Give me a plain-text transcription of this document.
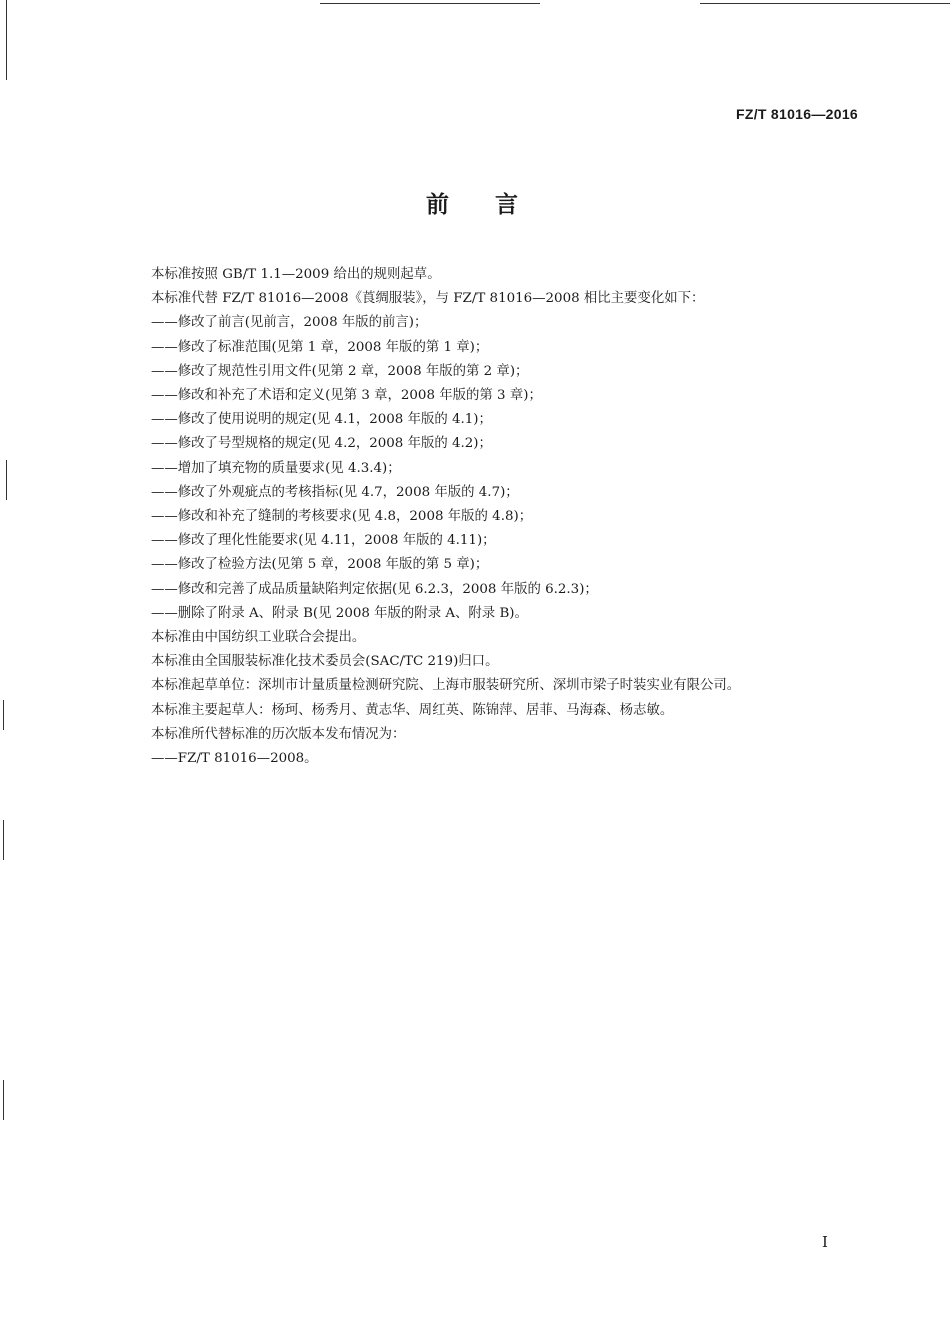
FZ/T 81016—2016
前言
本标准按照 GB/T 1.1—2009 给出的规则起草。
本标准代替 FZ/T 81016—2008《莨绸服装》，与 FZ/T 81016—2008 相比主要变化如下：
——修改了前言(见前言，2008 年版的前言)；
——修改了标准范围(见第 1 章，2008 年版的第 1 章)；
——修改了规范性引用文件(见第 2 章，2008 年版的第 2 章)；
——修改和补充了术语和定义(见第 3 章，2008 年版的第 3 章)；
——修改了使用说明的规定(见 4.1，2008 年版的 4.1)；
——修改了号型规格的规定(见 4.2，2008 年版的 4.2)；
——增加了填充物的质量要求(见 4.3.4)；
——修改了外观疵点的考核指标(见 4.7，2008 年版的 4.7)；
——修改和补充了缝制的考核要求(见 4.8，2008 年版的 4.8)；
——修改了理化性能要求(见 4.11，2008 年版的 4.11)；
——修改了检验方法(见第 5 章，2008 年版的第 5 章)；
——修改和完善了成品质量缺陷判定依据(见 6.2.3，2008 年版的 6.2.3)；
——删除了附录 A、附录 B(见 2008 年版的附录 A、附录 B)。
本标准由中国纺织工业联合会提出。
本标准由全国服装标准化技术委员会(SAC/TC 219)归口。
本标准起草单位：深圳市计量质量检测研究院、上海市服装研究所、深圳市梁子时装实业有限公司。
本标准主要起草人：杨珂、杨秀月、黄志华、周红英、陈锦萍、居菲、马海森、杨志敏。
本标准所代替标准的历次版本发布情况为：
——FZ/T 81016—2008。
I
